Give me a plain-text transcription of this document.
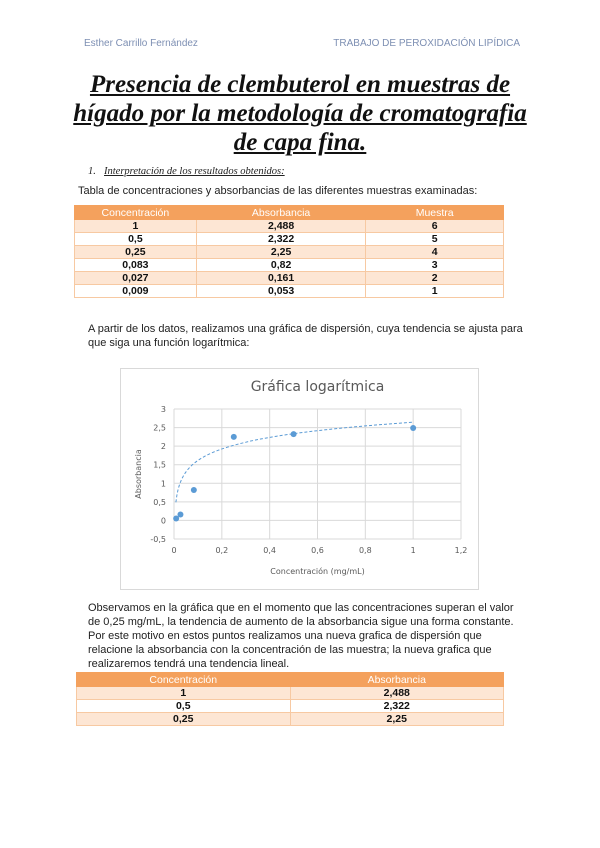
Esther Carrillo Fernández	TRABAJO DE PEROXIDACIÓN LIPÍDICA
Presencia de clembuterol en muestras de
hígado por la metodología de cromatografia
de capa fina.
1. Interpretación de los resultados obtenidos:

Tabla de concentraciones y absorbancias de las diferentes muestras examinadas:

Concentración	Absorbancia	Muestra
1	2,488	6
0,5	2,322	5
0,25	2,25	4
0,083	0,82	3
0,027	0,161	2
0,009	0,053	1

A partir de los datos, realizamos una gráfica de dispersión, cuya tendencia se ajusta para
que siga una función logarítmica:

-0,5
0
0,5
1
1,5
2
2,5
3
0	0,2	0,4	0,6	0,8	1	1,2
Gráfica logarítmica
Concentración (mg/mL)
Absorbancia

Observamos en la gráfica que en el momento que las concentraciones superan el valor
de 0,25 mg/mL, la tendencia de aumento de la absorbancia sigue una forma constante.
Por este motivo en estos puntos realizamos una nueva grafica de dispersión que
relacione la absorbancia con la concentración de las muestra; la nueva grafica que
realizaremos tendrá una tendencia lineal.

Concentración	Absorbancia
1	2,488
0,5	2,322
0,25	2,25
